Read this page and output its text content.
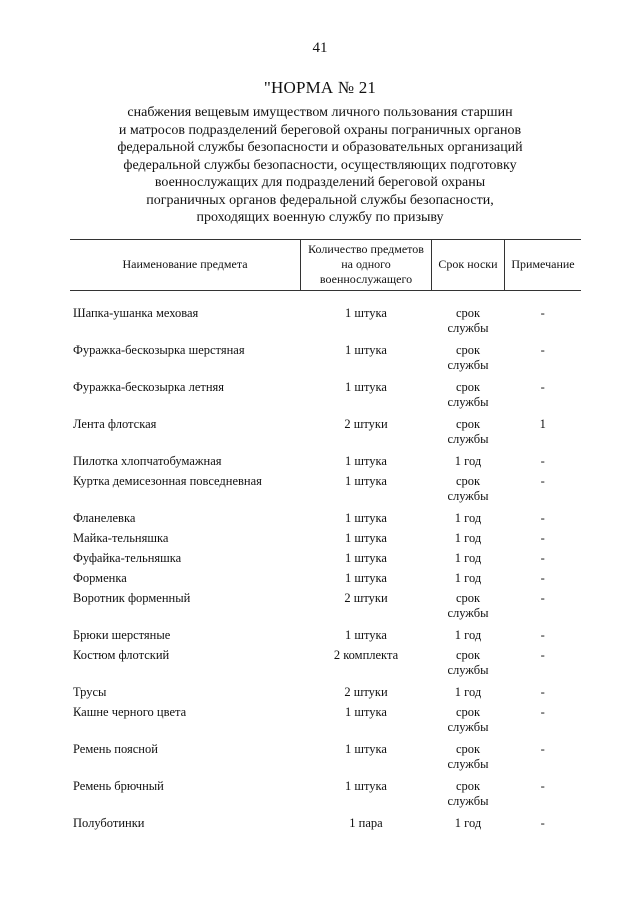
41
"НОРМА № 21
снабжения вещевым имуществом личного пользования старшин
и матросов подразделений береговой охраны пограничных органов
федеральной службы безопасности и образовательных организаций
федеральной службы безопасности, осуществляющих подготовку
военнослужащих для подразделений береговой охраны
пограничных органов федеральной службы безопасности,
проходящих военную службу по призыву
Наименование предмета	Количество предметов на одного военнослужащего	Срок носки	Примечание

Шапка-ушанка меховая	1 штука	срок
службы	-
Фуражка-бескозырка шерстяная	1 штука	срок
службы	-
Фуражка-бескозырка летняя	1 штука	срок
службы	-
Лента флотская	2 штуки	срок
службы	1
Пилотка хлопчатобумажная	1 штука	1 год	-
Куртка демисезонная повседневная	1 штука	срок
службы	-
Фланелевка	1 штука	1 год	-
Майка-тельняшка	1 штука	1 год	-
Фуфайка-тельняшка	1 штука	1 год	-
Форменка	1 штука	1 год	-
Воротник форменный	2 штуки	срок
службы	-
Брюки шерстяные	1 штука	1 год	-
Костюм флотский	2 комплекта	срок
службы	-
Трусы	2 штуки	1 год	-
Кашне черного цвета	1 штука	срок
службы	-
Ремень поясной	1 штука	срок
службы	-
Ремень брючный	1 штука	срок
службы	-
Полуботинки	1 пара	1 год	-
